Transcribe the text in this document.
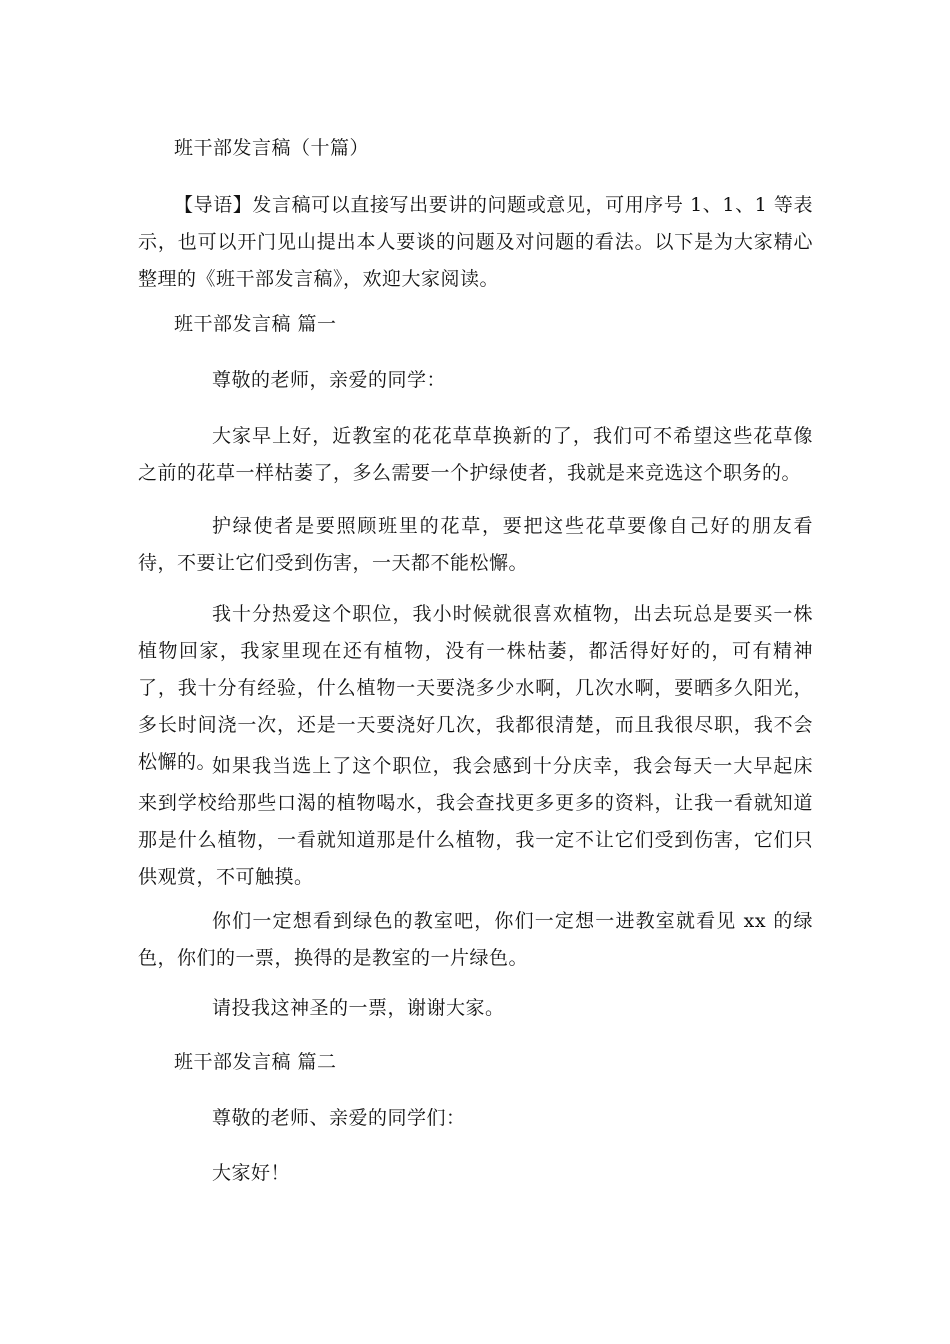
班干部发言稿（十篇）
【导语】发言稿可以直接写出要讲的问题或意见，可用序号 1、1、1 等表示，也可以开门见山提出本人要谈的问题及对问题的看法。以下是为大家精心整理的《班干部发言稿》，欢迎大家阅读。
班干部发言稿 篇一
尊敬的老师，亲爱的同学：
大家早上好，近教室的花花草草换新的了，我们可不希望这些花草像之前的花草一样枯萎了，多么需要一个护绿使者，我就是来竞选这个职务的。
护绿使者是要照顾班里的花草，要把这些花草要像自己好的朋友看待，不要让它们受到伤害，一天都不能松懈。
我十分热爱这个职位，我小时候就很喜欢植物，出去玩总是要买一株植物回家，我家里现在还有植物，没有一株枯萎，都活得好好的，可有精神了，我十分有经验，什么植物一天要浇多少水啊，几次水啊，要晒多久阳光，多长时间浇一次，还是一天要浇好几次，我都很清楚，而且我很尽职，我不会松懈的。
如果我当选上了这个职位，我会感到十分庆幸，我会每天一大早起床来到学校给那些口渴的植物喝水，我会查找更多更多的资料，让我一看就知道那是什么植物，一看就知道那是什么植物，我一定不让它们受到伤害，它们只供观赏，不可触摸。
你们一定想看到绿色的教室吧，你们一定想一进教室就看见 xx 的绿色，你们的一票，换得的是教室的一片绿色。
请投我这神圣的一票，谢谢大家。
班干部发言稿 篇二
尊敬的老师、亲爱的同学们：
大家好！
